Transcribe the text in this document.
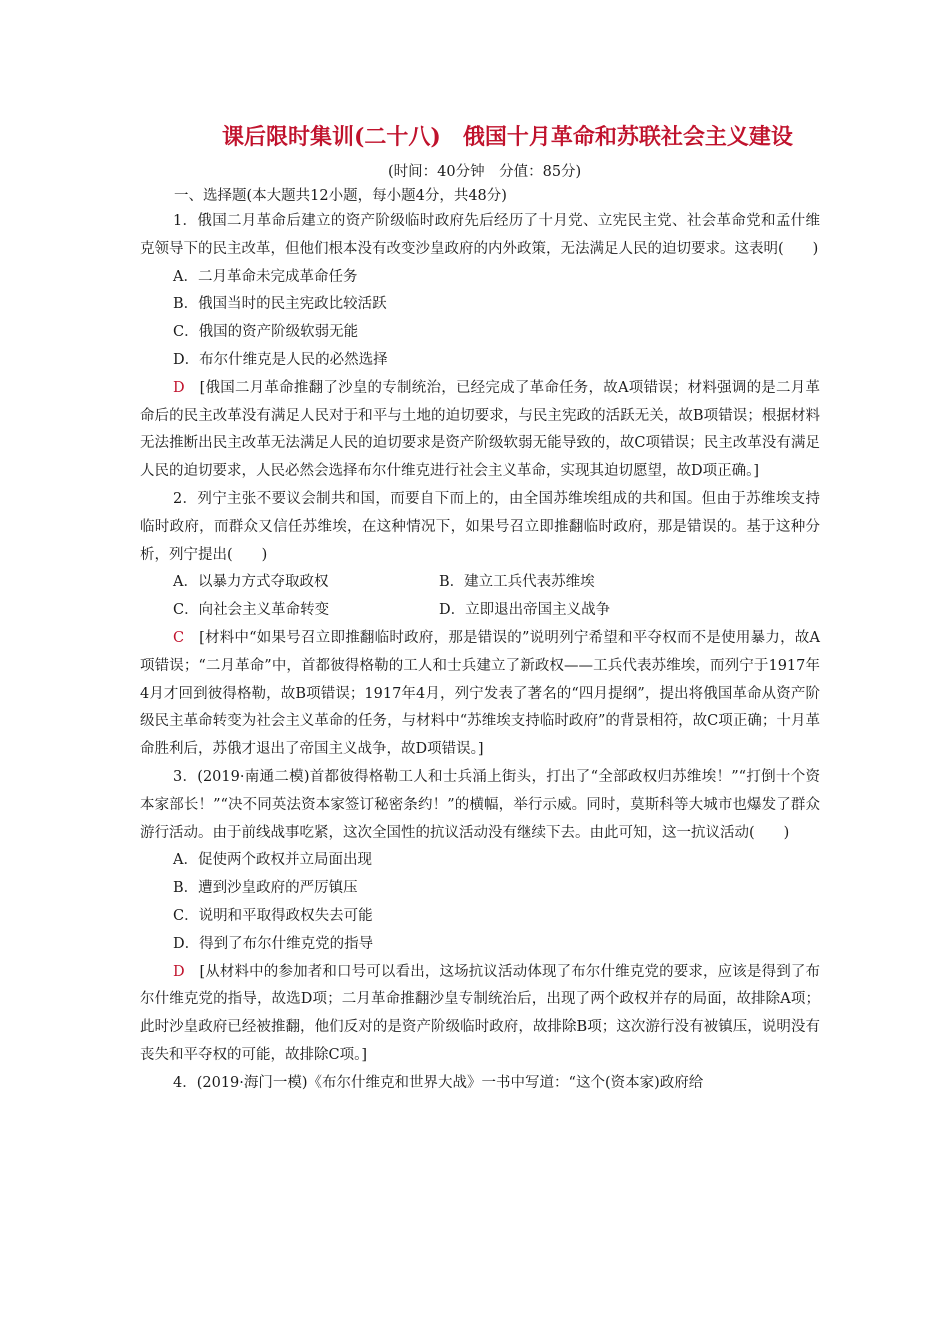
课后限时集训(二十八)　俄国十月革命和苏联社会主义建设
(时间：40分钟　分值：85分)
一、选择题(本大题共12小题，每小题4分，共48分)

1．俄国二月革命后建立的资产阶级临时政府先后经历了十月党、立宪民主党、社会革命党和孟什维克领导下的民主改革，但他们根本没有改变沙皇政府的内外政策，无法满足人民的迫切要求。这表明(　　)

A．二月革命未完成革命任务
B．俄国当时的民主宪政比较活跃
C．俄国的资产阶级软弱无能
D．布尔什维克是人民的必然选择

D　 [俄国二月革命推翻了沙皇的专制统治，已经完成了革命任务，故A项错误；材料强调的是二月革命后的民主改革没有满足人民对于和平与土地的迫切要求，与民主宪政的活跃无关，故B项错误；根据材料无法推断出民主改革无法满足人民的迫切要求是资产阶级软弱无能导致的，故C项错误；民主改革没有满足人民的迫切要求，人民必然会选择布尔什维克进行社会主义革命，实现其迫切愿望，故D项正确。]

2．列宁主张不要议会制共和国，而要自下而上的，由全国苏维埃组成的共和国。但由于苏维埃支持临时政府，而群众又信任苏维埃，在这种情况下，如果号召立即推翻临时政府，那是错误的。基于这种分析，列宁提出(　　)

A．以暴力方式夺取政权	B．建立工兵代表苏维埃
C．向社会主义革命转变	D．立即退出帝国主义战争

C　 [材料中“如果号召立即推翻临时政府，那是错误的”说明列宁希望和平夺权而不是使用暴力，故A项错误；“二月革命”中，首都彼得格勒的工人和士兵建立了新政权——工兵代表苏维埃，而列宁于1917年4月才回到彼得格勒，故B项错误；1917年4月，列宁发表了著名的“四月提纲”，提出将俄国革命从资产阶级民主革命转变为社会主义革命的任务，与材料中“苏维埃支持临时政府”的背景相符，故C项正确；十月革命胜利后，苏俄才退出了帝国主义战争，故D项错误。]

3．(2019·南通二模)首都彼得格勒工人和士兵涌上街头，打出了“全部政权归苏维埃！”“打倒十个资本家部长！”“决不同英法资本家签订秘密条约！”的横幅，举行示威。同时，莫斯科等大城市也爆发了群众游行活动。由于前线战事吃紧，这次全国性的抗议活动没有继续下去。由此可知，这一抗议活动(　　)

A．促使两个政权并立局面出现
B．遭到沙皇政府的严厉镇压
C．说明和平取得政权失去可能
D．得到了布尔什维克党的指导

D　 [从材料中的参加者和口号可以看出，这场抗议活动体现了布尔什维克党的要求，应该是得到了布尔什维克党的指导，故选D项；二月革命推翻沙皇专制统治后，出现了两个政权并存的局面，故排除A项；此时沙皇政府已经被推翻，他们反对的是资产阶级临时政府，故排除B项；这次游行没有被镇压，说明没有丧失和平夺权的可能，故排除C项。]

4．(2019·海门一模)《布尔什维克和世界大战》一书中写道：“这个(资本家)政府给
